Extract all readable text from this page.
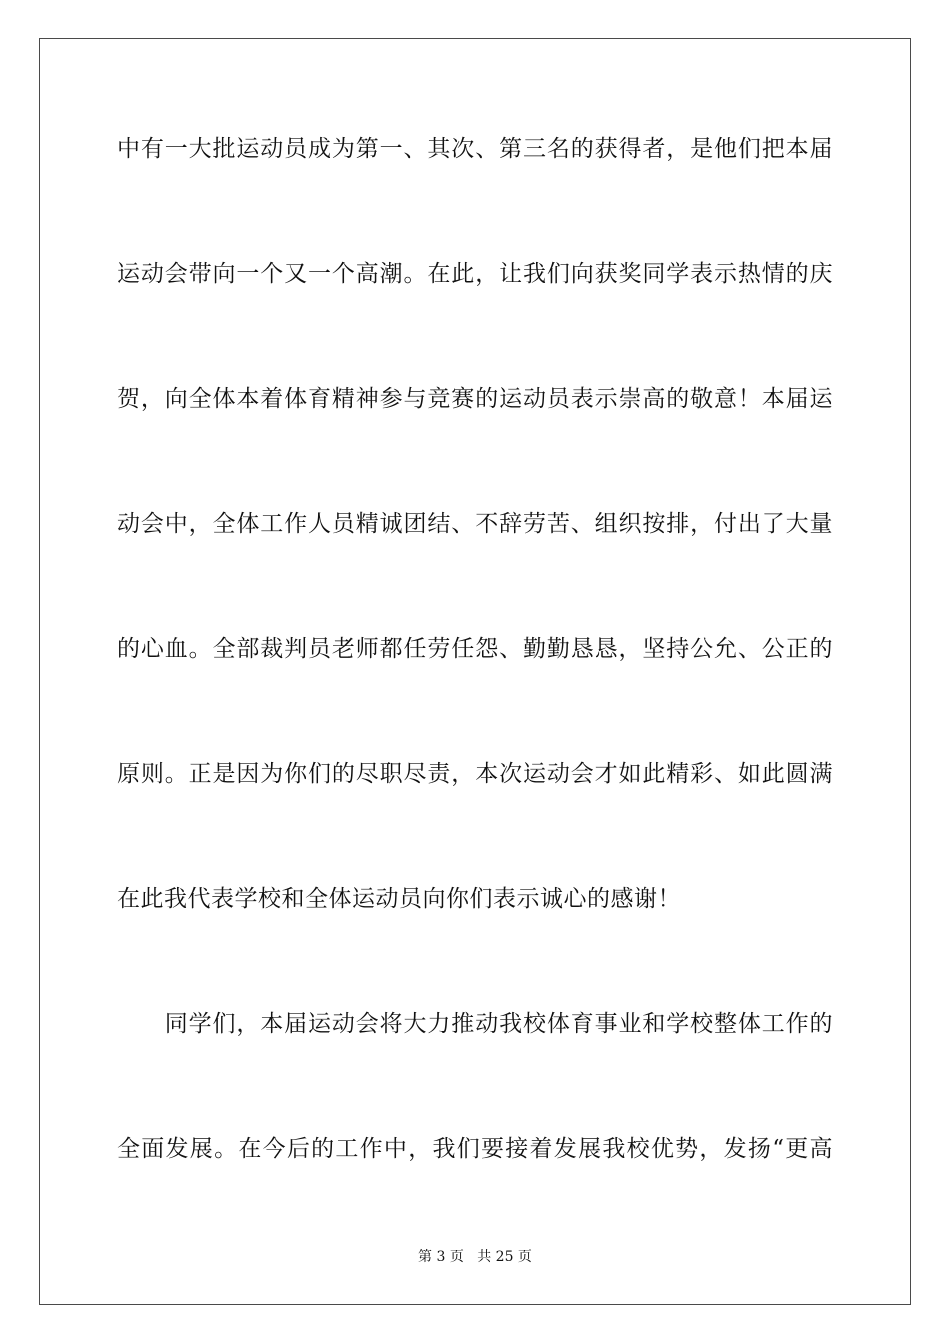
中有一大批运动员成为第一、其次、第三名的获得者，是他们把本届
运动会带向一个又一个高潮。在此，让我们向获奖同学表示热情的庆
贺，向全体本着体育精神参与竞赛的运动员表示崇高的敬意！本届运
动会中，全体工作人员精诚团结、不辞劳苦、组织按排，付出了大量
的心血。全部裁判员老师都任劳任怨、勤勤恳恳，坚持公允、公正的
原则。正是因为你们的尽职尽责，本次运动会才如此精彩、如此圆满
在此我代表学校和全体运动员向你们表示诚心的感谢！
　　同学们，本届运动会将大力推动我校体育事业和学校整体工作的
全面发展。在今后的工作中，我们要接着发展我校优势，发扬“更高
第 3 页 共 25 页
